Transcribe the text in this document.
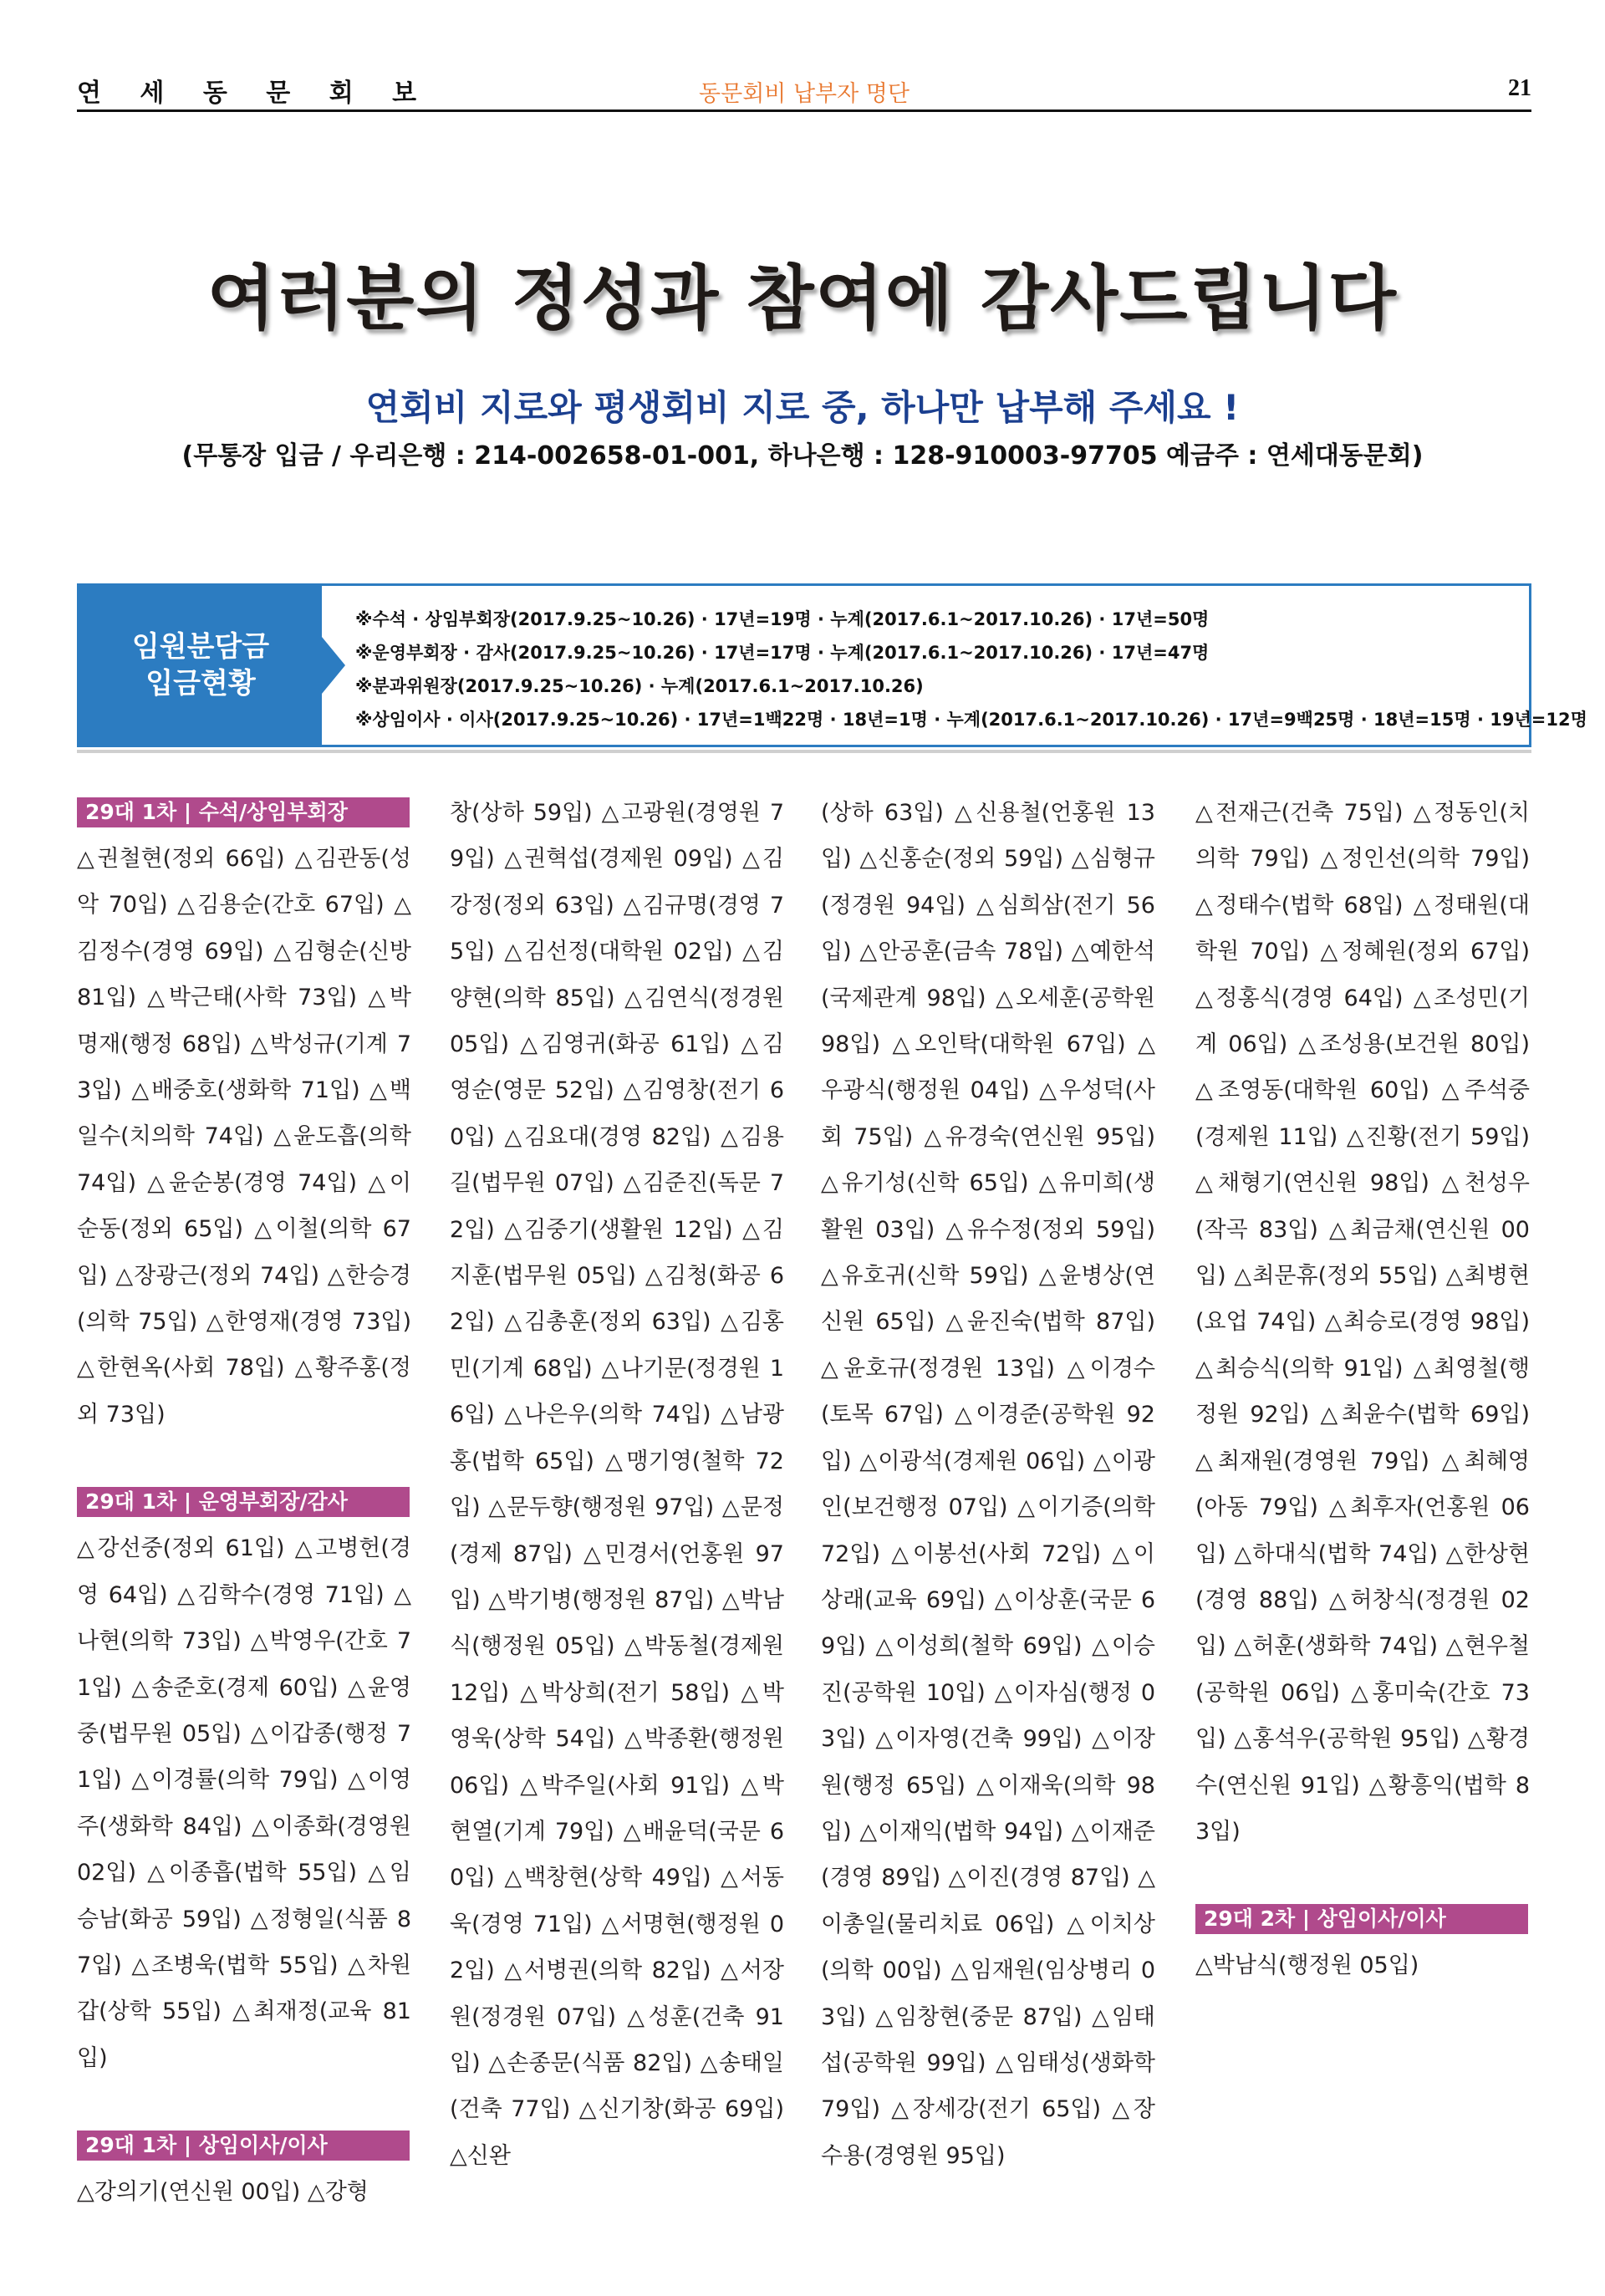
연 세 동 문 회 보	동문회비 납부자 명단	21
여러분의 정성과 참여에 감사드립니다
연회비 지로와 평생회비 지로 중, 하나만 납부해 주세요 !
(무통장 입금 / 우리은행 : 214-002658-01-001, 하나은행 : 128-910003-97705 예금주 : 연세대동문회)
임원분담금
입금현황
※수석 · 상임부회장(2017.9.25~10.26) · 17년=19명 · 누계(2017.6.1~2017.10.26) · 17년=50명
※운영부회장 · 감사(2017.9.25~10.26) · 17년=17명 · 누계(2017.6.1~2017.10.26) · 17년=47명
※분과위원장(2017.9.25~10.26) · 누계(2017.6.1~2017.10.26)
※상임이사 · 이사(2017.9.25~10.26) · 17년=1백22명 · 18년=1명 · 누계(2017.6.1~2017.10.26) · 17년=9백25명 · 18년=15명 · 19년=12명
29대 1차 | 수석/상임부회장
△권철현(정외 66입) △김관동(성악 70입) △김용순(간호 67입) △김정수(경영 69입) △김형순(신방 81입) △박근태(사학 73입) △박명재(행정 68입) △박성규(기계 73입) △배중호(생화학 71입) △백일수(치의학 74입) △윤도흡(의학 74입) △윤순봉(경영 74입) △이순동(정외 65입) △이철(의학 67입) △장광근(정외 74입) △한승경(의학 75입) △한영재(경영 73입) △한현옥(사회 78입) △황주홍(정외 73입)
29대 1차 | 운영부회장/감사
△강선중(정외 61입) △고병헌(경영 64입) △김학수(경영 71입) △나현(의학 73입) △박영우(간호 71입) △송준호(경제 60입) △윤영중(법무원 05입) △이갑종(행정 71입) △이경률(의학 79입) △이영주(생화학 84입) △이종화(경영원 02입) △이종흡(법학 55입) △임승남(화공 59입) △정형일(식품 87입) △조병욱(법학 55입) △차원갑(상학 55입) △최재정(교육 81입)
29대 1차 | 상임이사/이사
△강의기(연신원 00입) △강형
창(상하 59입) △고광원(경영원 79입) △권혁섭(경제원 09입) △김강정(정외 63입) △김규명(경영 75입) △김선정(대학원 02입) △김양현(의학 85입) △김연식(정경원 05입) △김영귀(화공 61입) △김영순(영문 52입) △김영창(전기 60입) △김요대(경영 82입) △김용길(법무원 07입) △김준진(독문 72입) △김중기(생활원 12입) △김지훈(법무원 05입) △김청(화공 62입) △김총훈(정외 63입) △김홍민(기계 68입) △나기문(정경원 16입) △나은우(의학 74입) △남광홍(법학 65입) △맹기영(철학 72입) △문두향(행정원 97입) △문정(경제 87입) △민경서(언홍원 97입) △박기병(행정원 87입) △박남식(행정원 05입) △박동철(경제원 12입) △박상희(전기 58입) △박영욱(상학 54입) △박종환(행정원 06입) △박주일(사회 91입) △박현열(기계 79입) △배윤덕(국문 60입) △백창현(상학 49입) △서동욱(경영 71입) △서명현(행정원 02입) △서병권(의학 82입) △서장원(정경원 07입) △성훈(건축 91입) △손종문(식품 82입) △송태일(건축 77입) △신기창(화공 69입) △신완
(상하 63입) △신용철(언홍원 13입) △신홍순(정외 59입) △심형규(정경원 94입) △심희삼(전기 56입) △안공훈(금속 78입) △예한석(국제관계 98입) △오세훈(공학원 98입) △오인탁(대학원 67입) △우광식(행정원 04입) △우성덕(사회 75입) △유경숙(연신원 95입) △유기성(신학 65입) △유미희(생활원 03입) △유수정(정외 59입) △유호귀(신학 59입) △윤병상(연신원 65입) △윤진숙(법학 87입) △윤호규(정경원 13입) △이경수(토목 67입) △이경준(공학원 92입) △이광석(경제원 06입) △이광인(보건행정 07입) △이기증(의학 72입) △이봉선(사회 72입) △이상래(교육 69입) △이상훈(국문 69입) △이성희(철학 69입) △이승진(공학원 10입) △이자심(행정 03입) △이자영(건축 99입) △이장원(행정 65입) △이재욱(의학 98입) △이재익(법학 94입) △이재준(경영 89입) △이진(경영 87입) △이총일(물리치료 06입) △이치상(의학 00입) △임재원(임상병리 03입) △임창현(중문 87입) △임태섭(공학원 99입) △임태성(생화학 79입) △장세강(전기 65입) △장수용(경영원 95입)
△전재근(건축 75입) △정동인(치의학 79입) △정인선(의학 79입) △정태수(법학 68입) △정태원(대학원 70입) △정혜원(정외 67입) △정홍식(경영 64입) △조성민(기계 06입) △조성용(보건원 80입) △조영동(대학원 60입) △주석중(경제원 11입) △진황(전기 59입) △채형기(연신원 98입) △천성우(작곡 83입) △최금채(연신원 00입) △최문휴(정외 55입) △최병현(요업 74입) △최승로(경영 98입) △최승식(의학 91입) △최영철(행정원 92입) △최윤수(법학 69입) △최재원(경영원 79입) △최혜영(아동 79입) △최후자(언홍원 06입) △하대식(법학 74입) △한상현(경영 88입) △허창식(정경원 02입) △허훈(생화학 74입) △현우철(공학원 06입) △홍미숙(간호 73입) △홍석우(공학원 95입) △황경수(연신원 91입) △황흥익(법학 83입)
29대 2차 | 상임이사/이사
△박남식(행정원 05입)
